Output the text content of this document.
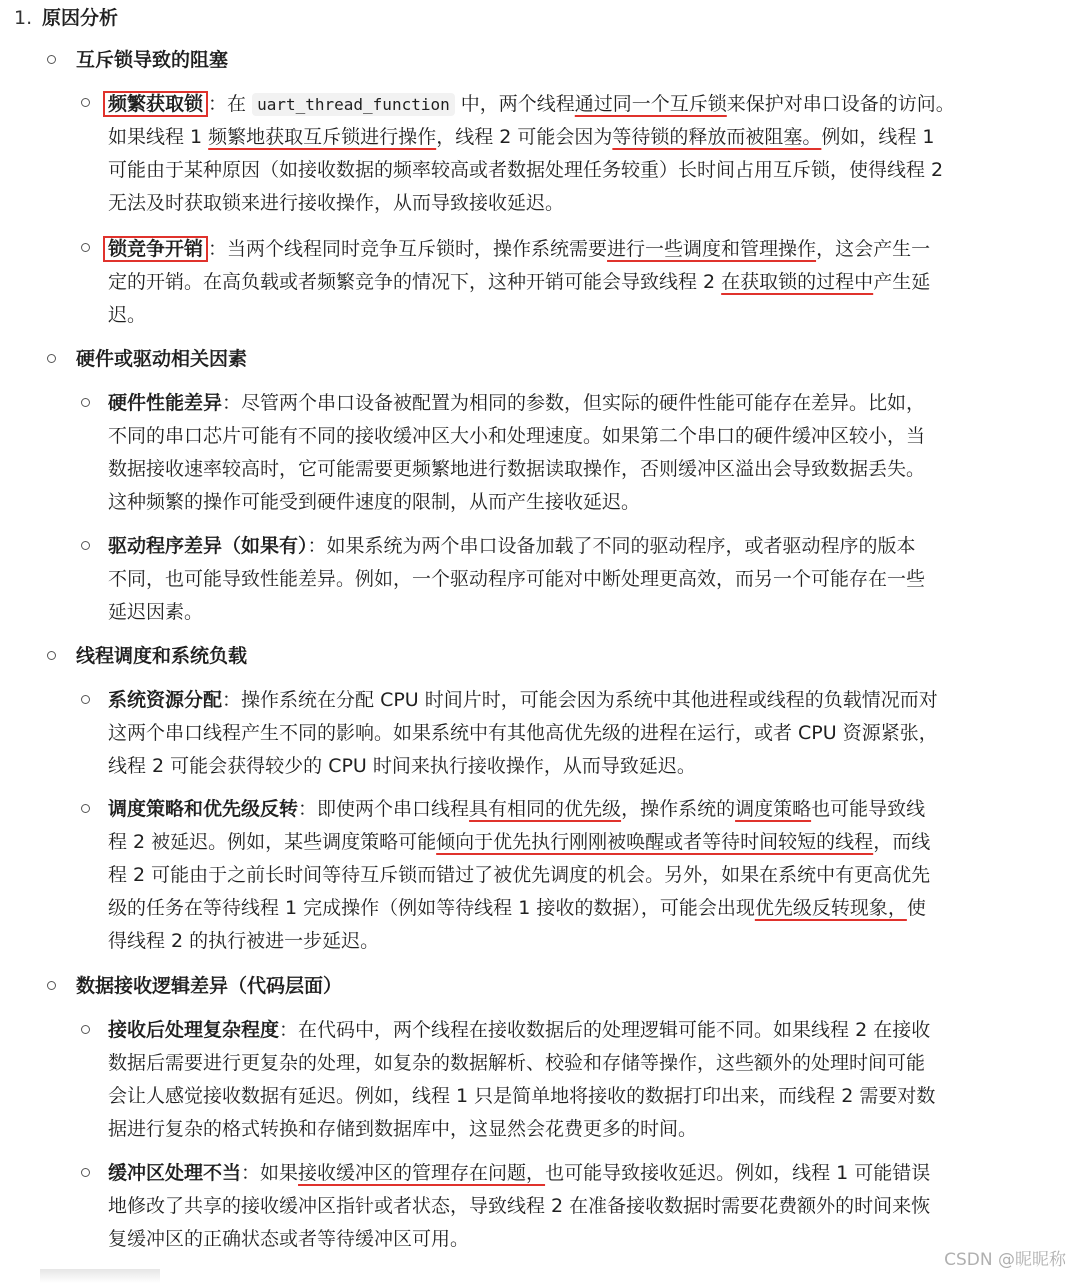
1. 原因分析
互斥锁导致的阻塞
频繁获取锁 ：在 uart_thread_function 中，两个线程通过同一个互斥锁来保护对串口设备的访问。
如果线程 1 频繁地获取互斥锁进行操作，线程 2 可能会因为等待锁的释放而被阻塞。例如，线程 1
可能由于某种原因（如接收数据的频率较高或者数据处理任务较重）长时间占用互斥锁，使得线程 2
无法及时获取锁来进行接收操作，从而导致接收延迟。
锁竞争开销 ：当两个线程同时竞争互斥锁时，操作系统需要进行一些调度和管理操作，这会产生一
定的开销。在高负载或者频繁竞争的情况下，这种开销可能会导致线程 2 在获取锁的过程中产生延
迟。
硬件或驱动相关因素
硬件性能差异：尽管两个串口设备被配置为相同的参数，但实际的硬件性能可能存在差异。比如，
不同的串口芯片可能有不同的接收缓冲区大小和处理速度。如果第二个串口的硬件缓冲区较小，当
数据接收速率较高时，它可能需要更频繁地进行数据读取操作，否则缓冲区溢出会导致数据丢失。
这种频繁的操作可能受到硬件速度的限制，从而产生接收延迟。
驱动程序差异（如果有）：如果系统为两个串口设备加载了不同的驱动程序，或者驱动程序的版本
不同，也可能导致性能差异。例如，一个驱动程序可能对中断处理更高效，而另一个可能存在一些
延迟因素。
线程调度和系统负载
系统资源分配：操作系统在分配 CPU 时间片时，可能会因为系统中其他进程或线程的负载情况而对
这两个串口线程产生不同的影响。如果系统中有其他高优先级的进程在运行，或者 CPU 资源紧张，
线程 2 可能会获得较少的 CPU 时间来执行接收操作，从而导致延迟。
调度策略和优先级反转：即使两个串口线程具有相同的优先级，操作系统的调度策略也可能导致线
程 2 被延迟。例如，某些调度策略可能倾向于优先执行刚刚被唤醒或者等待时间较短的线程，而线
程 2 可能由于之前长时间等待互斥锁而错过了被优先调度的机会。另外，如果在系统中有更高优先
级的任务在等待线程 1 完成操作（例如等待线程 1 接收的数据），可能会出现优先级反转现象，使
得线程 2 的执行被进一步延迟。
数据接收逻辑差异（代码层面）
接收后处理复杂程度：在代码中，两个线程在接收数据后的处理逻辑可能不同。如果线程 2 在接收
数据后需要进行更复杂的处理，如复杂的数据解析、校验和存储等操作，这些额外的处理时间可能
会让人感觉接收数据有延迟。例如，线程 1 只是简单地将接收的数据打印出来，而线程 2 需要对数
据进行复杂的格式转换和存储到数据库中，这显然会花费更多的时间。
缓冲区处理不当：如果接收缓冲区的管理存在问题，也可能导致接收延迟。例如，线程 1 可能错误
地修改了共享的接收缓冲区指针或者状态，导致线程 2 在准备接收数据时需要花费额外的时间来恢
复缓冲区的正确状态或者等待缓冲区可用。
CSDN @昵昵称
